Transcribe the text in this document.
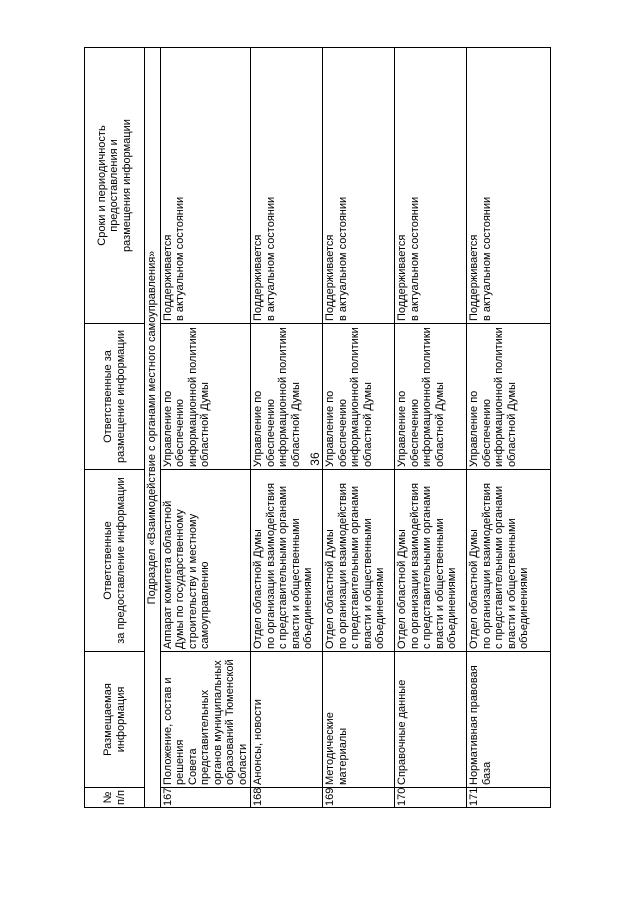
36
№
п/п	Размещаемая
информация	Ответственные
за предоставление информации	Ответственные за
размещение информации	Сроки и периодичность
предоставления и
размещения информации
Подраздел «Взаимодействие с органами местного самоуправления»				
167	Положение, состав и решения
Совета представительных
органов муниципальных
образований Тюменской
области	Аппарат комитета областной
Думы по государственному
строительству и местному
самоуправлению	Управление по обеспечению
информационной политики
областной Думы	Поддерживается
в актуальном состоянии
168	Анонсы, новости	Отдел областной Думы
по организации взаимодействия
с представительными органами
власти и общественными
объединениями	Управление по обеспечению
информационной политики
областной Думы	Поддерживается
в актуальном состоянии
169	Методические материалы	Отдел областной Думы
по организации взаимодействия
с представительными органами
власти и общественными
объединениями	Управление по обеспечению
информационной политики
областной Думы	Поддерживается
в актуальном состоянии
170	Справочные данные	Отдел областной Думы
по организации взаимодействия
с представительными органами
власти и общественными
объединениями	Управление по обеспечению
информационной политики
областной Думы	Поддерживается
в актуальном состоянии
171	Нормативная правовая база	Отдел областной Думы
по организации взаимодействия
с представительными органами
власти и общественными
объединениями	Управление по обеспечению
информационной политики
областной Думы	Поддерживается
в актуальном состоянии
